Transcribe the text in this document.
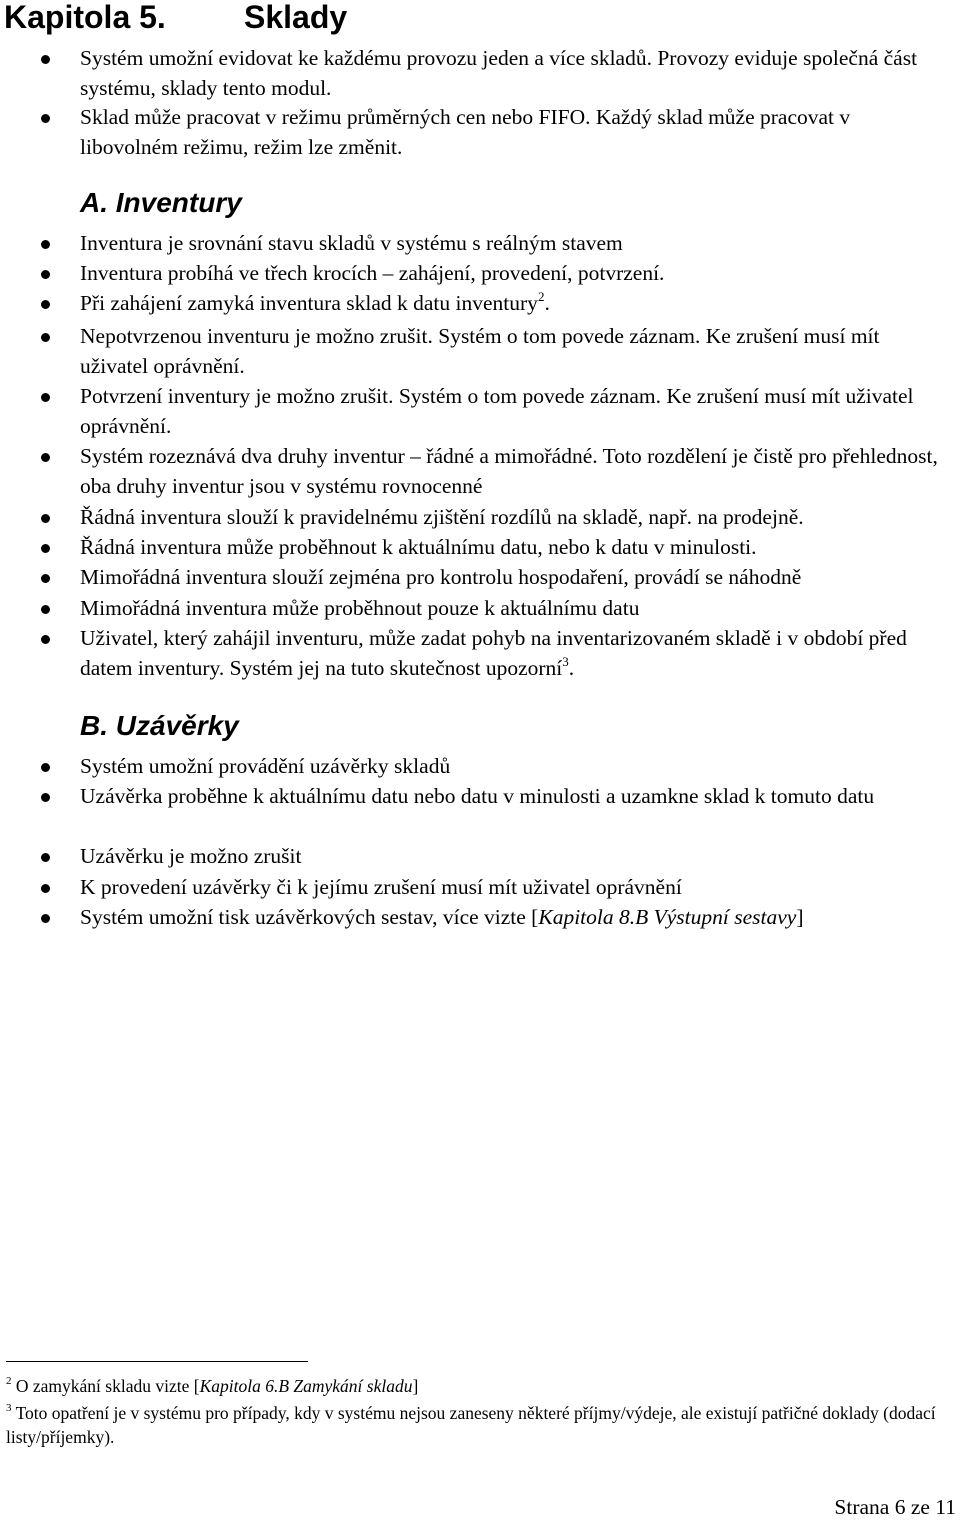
Kapitola 5. Sklady
Systém umožní evidovat ke každému provozu jeden a více skladů. Provozy eviduje společná část systému, sklady tento modul.
Sklad může pracovat v režimu průměrných cen nebo FIFO. Každý sklad může pracovat v libovolném režimu, režim lze změnit.
A. Inventury
Inventura je srovnání stavu skladů v systému s reálným stavem
Inventura probíhá ve třech krocích – zahájení, provedení, potvrzení.
Při zahájení zamyká inventura sklad k datu inventury$^2$.
Nepotvrzenou inventuru je možno zrušit. Systém o tom povede záznam. Ke zrušení musí mít uživatel oprávnění.
Potvrzení inventury je možno zrušit. Systém o tom povede záznam. Ke zrušení musí mít uživatel oprávnění.
Systém rozeznává dva druhy inventur – řádné a mimořádné. Toto rozdělení je čistě pro přehlednost, oba druhy inventur jsou v systému rovnocenné
Řádná inventura slouží k pravidelnému zjištění rozdílů na skladě, např. na prodejně.
Řádná inventura může proběhnout k aktuálnímu datu, nebo k datu v minulosti.
Mimořádná inventura slouží zejména pro kontrolu hospodaření, provádí se náhodně
Mimořádná inventura může proběhnout pouze k aktuálnímu datu
Uživatel, který zahájil inventuru, může zadat pohyb na inventarizovaném skladě i v období před datem inventury. Systém jej na tuto skutečnost upozorní$^3$.
B. Uzávěrky
Systém umožní provádění uzávěrky skladů
Uzávěrka proběhne k aktuálnímu datu nebo datu v minulosti a uzamkne sklad k tomuto datu
Uzávěrku je možno zrušit
K provedení uzávěrky či k jejímu zrušení musí mít uživatel oprávnění
Systém umožní tisk uzávěrkových sestav, více vizte [Kapitola 8.B Výstupní sestavy]
$^2$ O zamykání skladu vizte [Kapitola 6.B Zamykání skladu]
$^3$ Toto opatření je v systému pro případy, kdy v systému nejsou zaneseny některé příjmy/výdeje, ale existují patřičné doklady (dodací listy/příjemky).
Strana 6 ze 11
